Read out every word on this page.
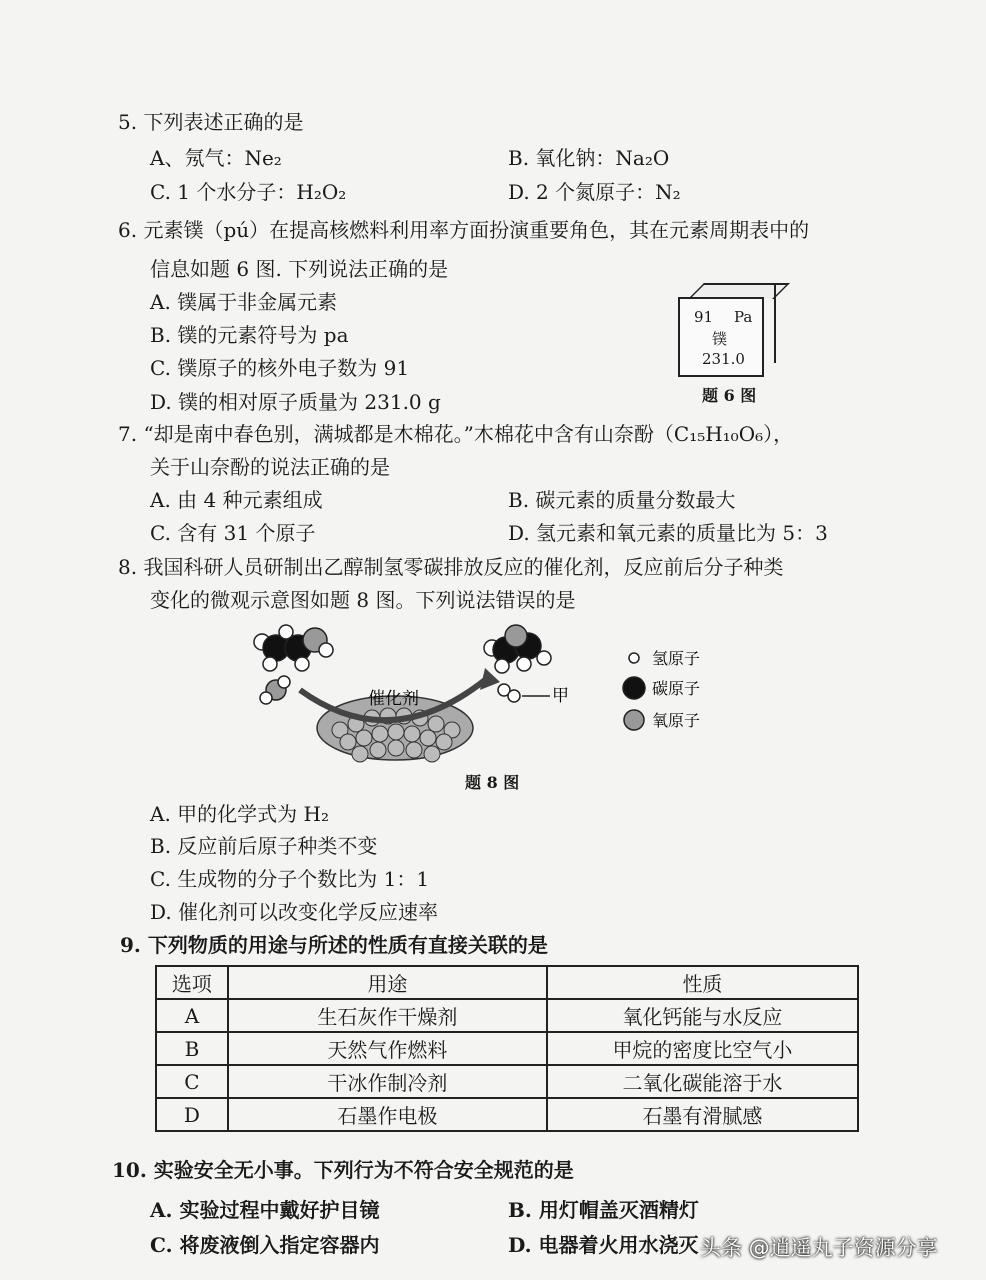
5. 下列表述正确的是
A、氖气：Ne₂	B. 氧化钠：Na₂O
C. 1 个水分子：H₂O₂	D. 2 个氮原子：N₂
6. 元素镤（pú）在提高核燃料利用率方面扮演重要角色，其在元素周期表中的
信息如题 6 图. 下列说法正确的是
A. 镤属于非金属元素
B. 镤的元素符号为 pa
C. 镤原子的核外电子数为 91
D. 镤的相对原子质量为 231.0 g
91 Pa
镤
231.0
题 6 图
7. “却是南中春色别，满城都是木棉花。”木棉花中含有山奈酚（C₁₅H₁₀O₆），
关于山奈酚的说法正确的是
A. 由 4 种元素组成	B. 碳元素的质量分数最大
C. 含有 31 个原子	D. 氢元素和氧元素的质量比为 5：3
8. 我国科研人员研制出乙醇制氢零碳排放反应的催化剂，反应前后分子种类
变化的微观示意图如题 8 图。下列说法错误的是
催化剂	甲
氢原子
碳原子
氧原子
题 8 图
A. 甲的化学式为 H₂
B. 反应前后原子种类不变
C. 生成物的分子个数比为 1：1
D. 催化剂可以改变化学反应速率
9. 下列物质的用途与所述的性质有直接关联的是
选项	用途	性质
A	生石灰作干燥剂	氧化钙能与水反应
B	天然气作燃料	甲烷的密度比空气小
C	干冰作制冷剂	二氧化碳能溶于水
D	石墨作电极	石墨有滑腻感
10. 实验安全无小事。下列行为不符合安全规范的是
A. 实验过程中戴好护目镜	B. 用灯帽盖灭酒精灯
C. 将废液倒入指定容器内	D. 电器着火用水浇灭 头条 @逍遥丸子资源分享
